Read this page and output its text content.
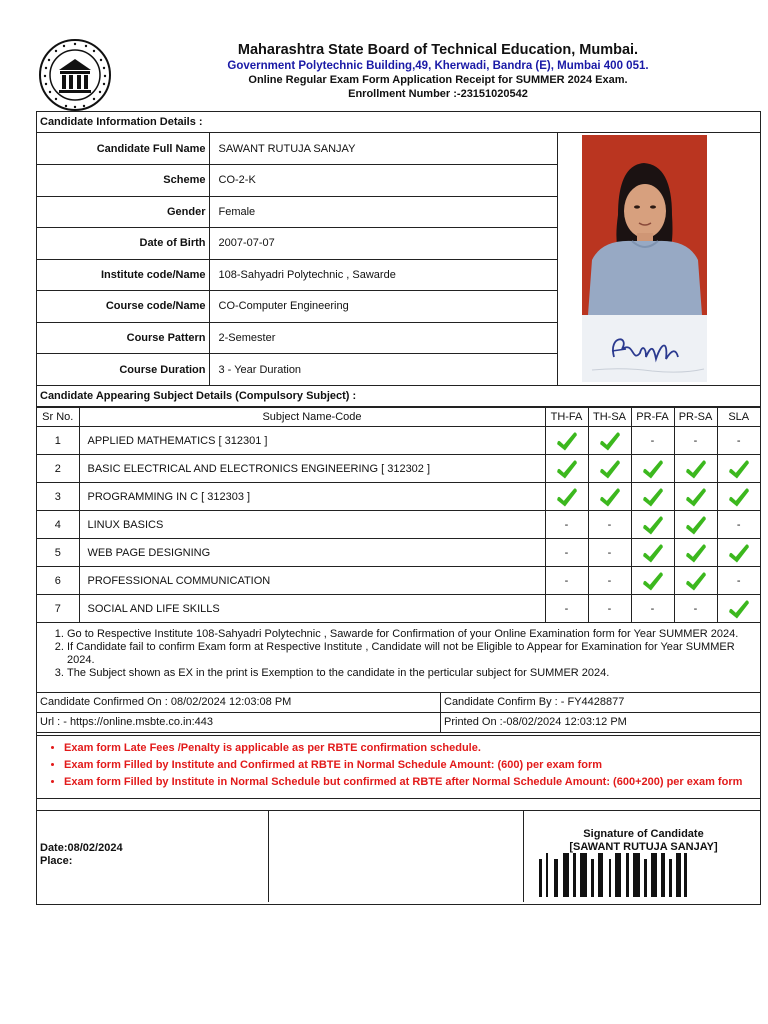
Maharashtra State Board of Technical Education, Mumbai.
Government Polytechnic Building,49, Kherwadi, Bandra (E), Mumbai 400 051.
Online Regular Exam Form Application Receipt for SUMMER 2024 Exam.
Enrollment Number :-23151020542
Candidate Information Details :
Candidate Full Name	SAWANT RUTUJA SANJAY
Scheme	CO-2-K
Gender	Female
Date of Birth	2007-07-07
Institute code/Name	108-Sahyadri Polytechnic , Sawarde
Course code/Name	CO-Computer Engineering
Course Pattern	2-Semester
Course Duration	3 - Year Duration
Candidate Appearing Subject Details (Compulsory Subject) :
Sr No.	Subject Name-Code	TH-FA	TH-SA	PR-FA	PR-SA	SLA
1	APPLIED MATHEMATICS [ 312301 ]			-	-	-
2	BASIC ELECTRICAL AND ELECTRONICS ENGINEERING [ 312302 ]					
3	PROGRAMMING IN C [ 312303 ]					
4	LINUX BASICS	-	-			-
5	WEB PAGE DESIGNING	-	-			
6	PROFESSIONAL COMMUNICATION	-	-			-
7	SOCIAL AND LIFE SKILLS	-	-	-	-	
1. Go to Respective Institute 108-Sahyadri Polytechnic , Sawarde for Confirmation of your Online Examination form for Year SUMMER 2024.
2. If Candidate fail to confirm Exam form at Respective Institute , Candidate will not be Eligible to Appear for Examination for Year SUMMER 2024.
3. The Subject shown as EX in the print is Exemption to the candidate in the perticular subject for SUMMER 2024.
Candidate Confirmed On : 08/02/2024 12:03:08 PM	Candidate Confirm By : - FY4428877
Url : - https://online.msbte.co.in:443	Printed On :-08/02/2024 12:03:12 PM
• Exam form Late Fees /Penalty is applicable as per RBTE confirmation schedule.
• Exam form Filled by Institute and Confirmed at RBTE in Normal Schedule Amount: (600) per exam form
• Exam form Filled by Institute in Normal Schedule but confirmed at RBTE after Normal Schedule Amount: (600+200) per exam form
Date:08/02/2024
Place:
Signature of Candidate
[SAWANT RUTUJA SANJAY]
